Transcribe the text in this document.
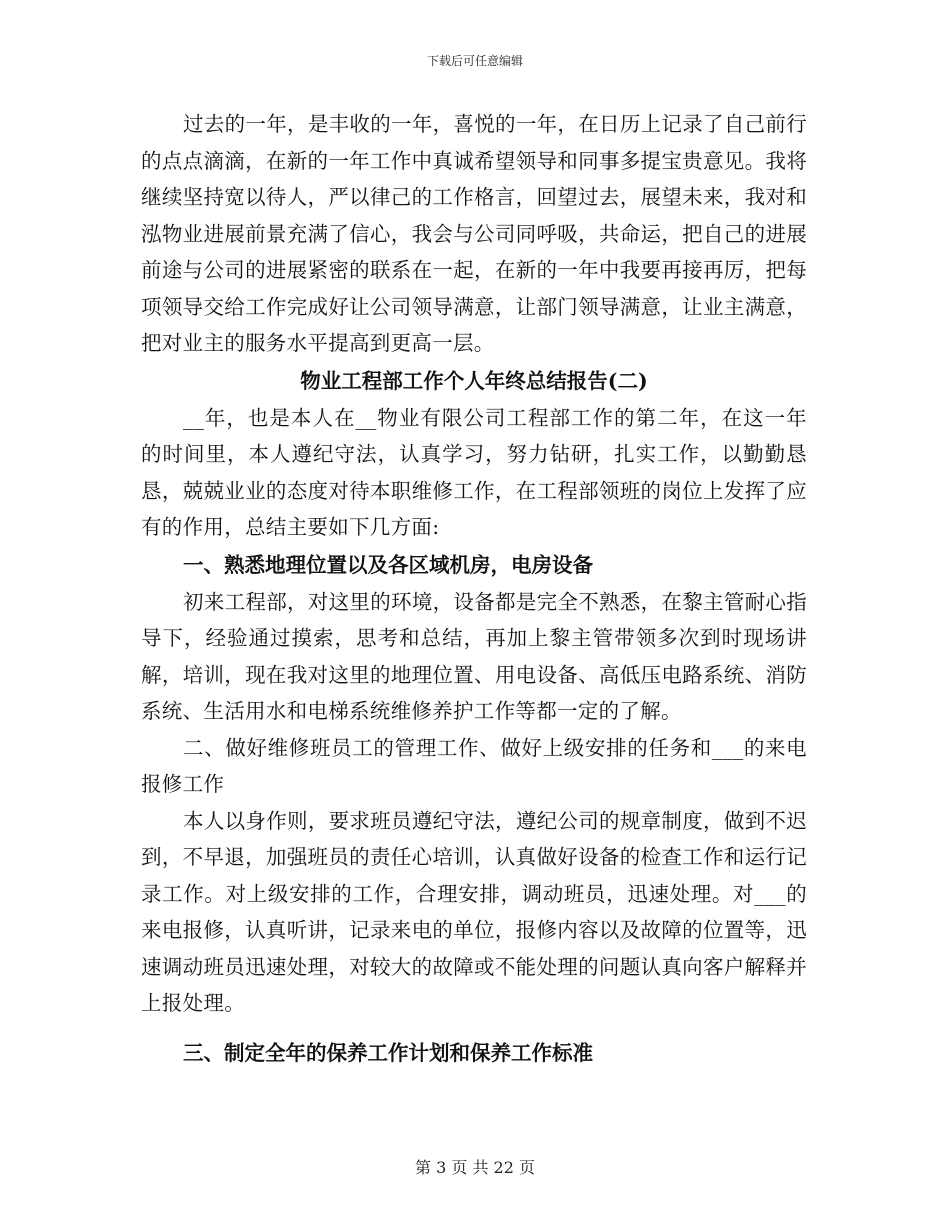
下载后可任意编辑

过去的一年，是丰收的一年，喜悦的一年，在日历上记录了自己前行的点点滴滴，在新的一年工作中真诚希望领导和同事多提宝贵意见。我将继续坚持宽以待人，严以律己的工作格言，回望过去，展望未来，我对和泓物业进展前景充满了信心，我会与公司同呼吸，共命运，把自己的进展前途与公司的进展紧密的联系在一起，在新的一年中我要再接再厉，把每项领导交给工作完成好让公司领导满意，让部门领导满意，让业主满意，把对业主的服务水平提高到更高一层。

物业工程部工作个人年终总结报告(二)

__年，也是本人在__物业有限公司工程部工作的第二年，在这一年的时间里，本人遵纪守法，认真学习，努力钻研，扎实工作，以勤勤恳恳，兢兢业业的态度对待本职维修工作，在工程部领班的岗位上发挥了应有的作用，总结主要如下几方面:

一、熟悉地理位置以及各区域机房，电房设备

初来工程部，对这里的环境，设备都是完全不熟悉，在黎主管耐心指导下，经验通过摸索，思考和总结，再加上黎主管带领多次到时现场讲解，培训，现在我对这里的地理位置、用电设备、高低压电路系统、消防系统、生活用水和电梯系统维修养护工作等都一定的了解。

二、做好维修班员工的管理工作、做好上级安排的任务和___的来电报修工作

本人以身作则，要求班员遵纪守法，遵纪公司的规章制度，做到不迟到，不早退，加强班员的责任心培训，认真做好设备的检查工作和运行记录工作。对上级安排的工作，合理安排，调动班员，迅速处理。对___的来电报修，认真听讲，记录来电的单位，报修内容以及故障的位置等，迅速调动班员迅速处理，对较大的故障或不能处理的问题认真向客户解释并上报处理。

三、制定全年的保养工作计划和保养工作标准

第 3 页 共 22 页
